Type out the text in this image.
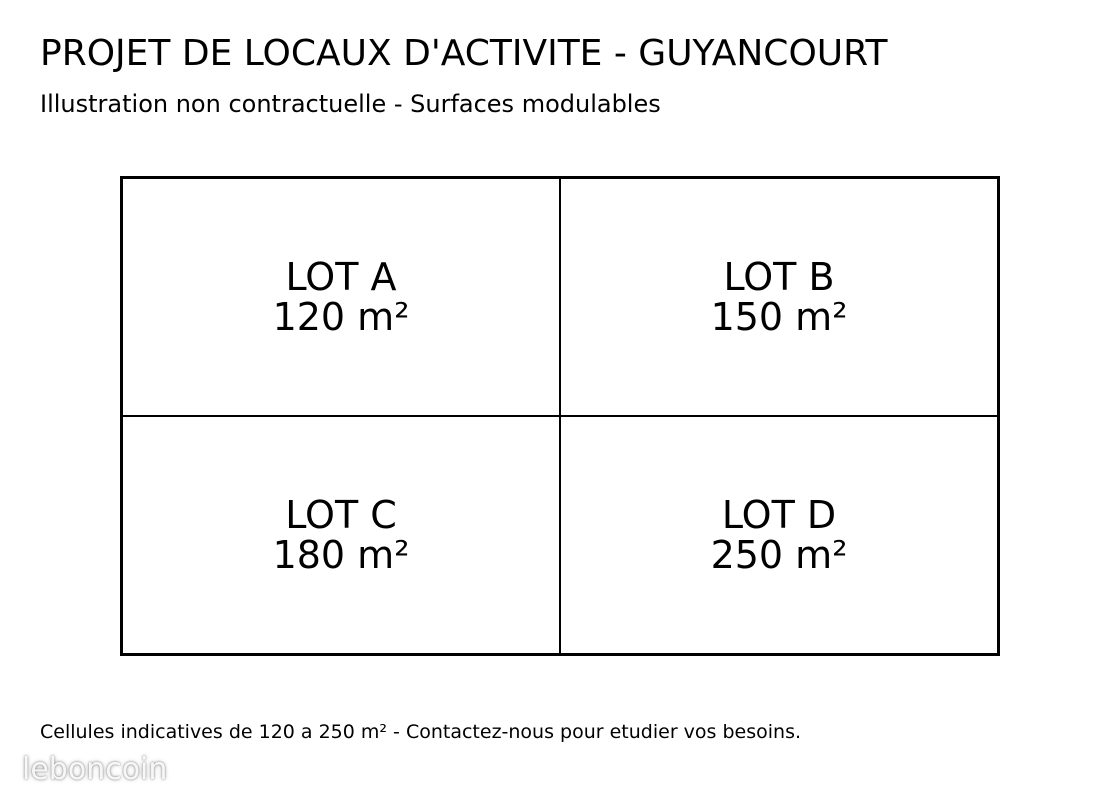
PROJET DE LOCAUX D'ACTIVITE - GUYANCOURT
Illustration non contractuelle - Surfaces modulables
LOT A
120 m²
LOT B
150 m²
LOT C
180 m²
LOT D
250 m²
Cellules indicatives de 120 a 250 m² - Contactez-nous pour etudier vos besoins.
leboncoin
